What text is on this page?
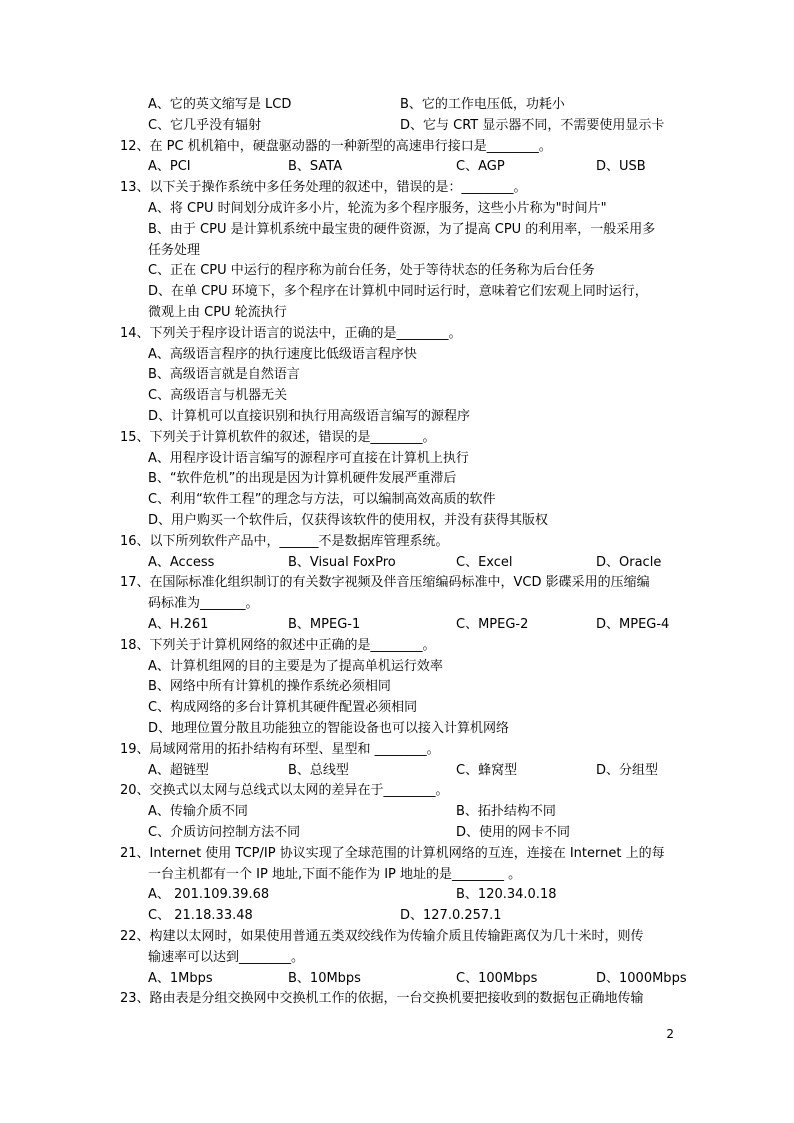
A、它的英文缩写是 LCD	B、它的工作电压低，功耗小
C、它几乎没有辐射	D、它与 CRT 显示器不同，不需要使用显示卡
12、在 PC 机机箱中，硬盘驱动器的一种新型的高速串行接口是________。
A、PCI	B、SATA	C、AGP	D、USB
13、以下关于操作系统中多任务处理的叙述中，错误的是：________。
A、将 CPU 时间划分成许多小片，轮流为多个程序服务，这些小片称为"时间片"
B、由于 CPU 是计算机系统中最宝贵的硬件资源，为了提高 CPU 的利用率，一般采用多
任务处理
C、正在 CPU 中运行的程序称为前台任务，处于等待状态的任务称为后台任务
D、在单 CPU 环境下，多个程序在计算机中同时运行时，意味着它们宏观上同时运行，
微观上由 CPU 轮流执行
14、下列关于程序设计语言的说法中，正确的是________。
A、高级语言程序的执行速度比低级语言程序快
B、高级语言就是自然语言
C、高级语言与机器无关
D、计算机可以直接识别和执行用高级语言编写的源程序
15、下列关于计算机软件的叙述，错误的是________。
A、用程序设计语言编写的源程序可直接在计算机上执行
B、“软件危机”的出现是因为计算机硬件发展严重滞后
C、利用“软件工程”的理念与方法，可以编制高效高质的软件
D、用户购买一个软件后，仅获得该软件的使用权，并没有获得其版权
16、以下所列软件产品中，______不是数据库管理系统。
A、Access	B、Visual FoxPro	C、Excel	D、Oracle
17、在国际标准化组织制订的有关数字视频及伴音压缩编码标准中，VCD 影碟采用的压缩编
码标准为_______。
A、H.261	B、MPEG-1	C、MPEG-2	D、MPEG-4
18、下列关于计算机网络的叙述中正确的是________。
A、计算机组网的目的主要是为了提高单机运行效率
B、网络中所有计算机的操作系统必须相同
C、构成网络的多台计算机其硬件配置必须相同
D、地理位置分散且功能独立的智能设备也可以接入计算机网络
19、局域网常用的拓扑结构有环型、星型和 ________。
A、超链型	B、总线型	C、蜂窝型	D、分组型
20、交换式以太网与总线式以太网的差异在于________。
A、传输介质不同	B、拓扑结构不同
C、介质访问控制方法不同	D、使用的网卡不同
21、Internet 使用 TCP/IP 协议实现了全球范围的计算机网络的互连，连接在 Internet 上的每
一台主机都有一个 IP 地址,下面不能作为 IP 地址的是________ 。
A、 201.109.39.68	B、120.34.0.18
C、 21.18.33.48	D、127.0.257.1
22、构建以太网时，如果使用普通五类双绞线作为传输介质且传输距离仅为几十米时，则传
输速率可以达到________。
A、1Mbps	B、10Mbps	C、100Mbps	D、1000Mbps
23、路由表是分组交换网中交换机工作的依据，一台交换机要把接收到的数据包正确地传输
2
